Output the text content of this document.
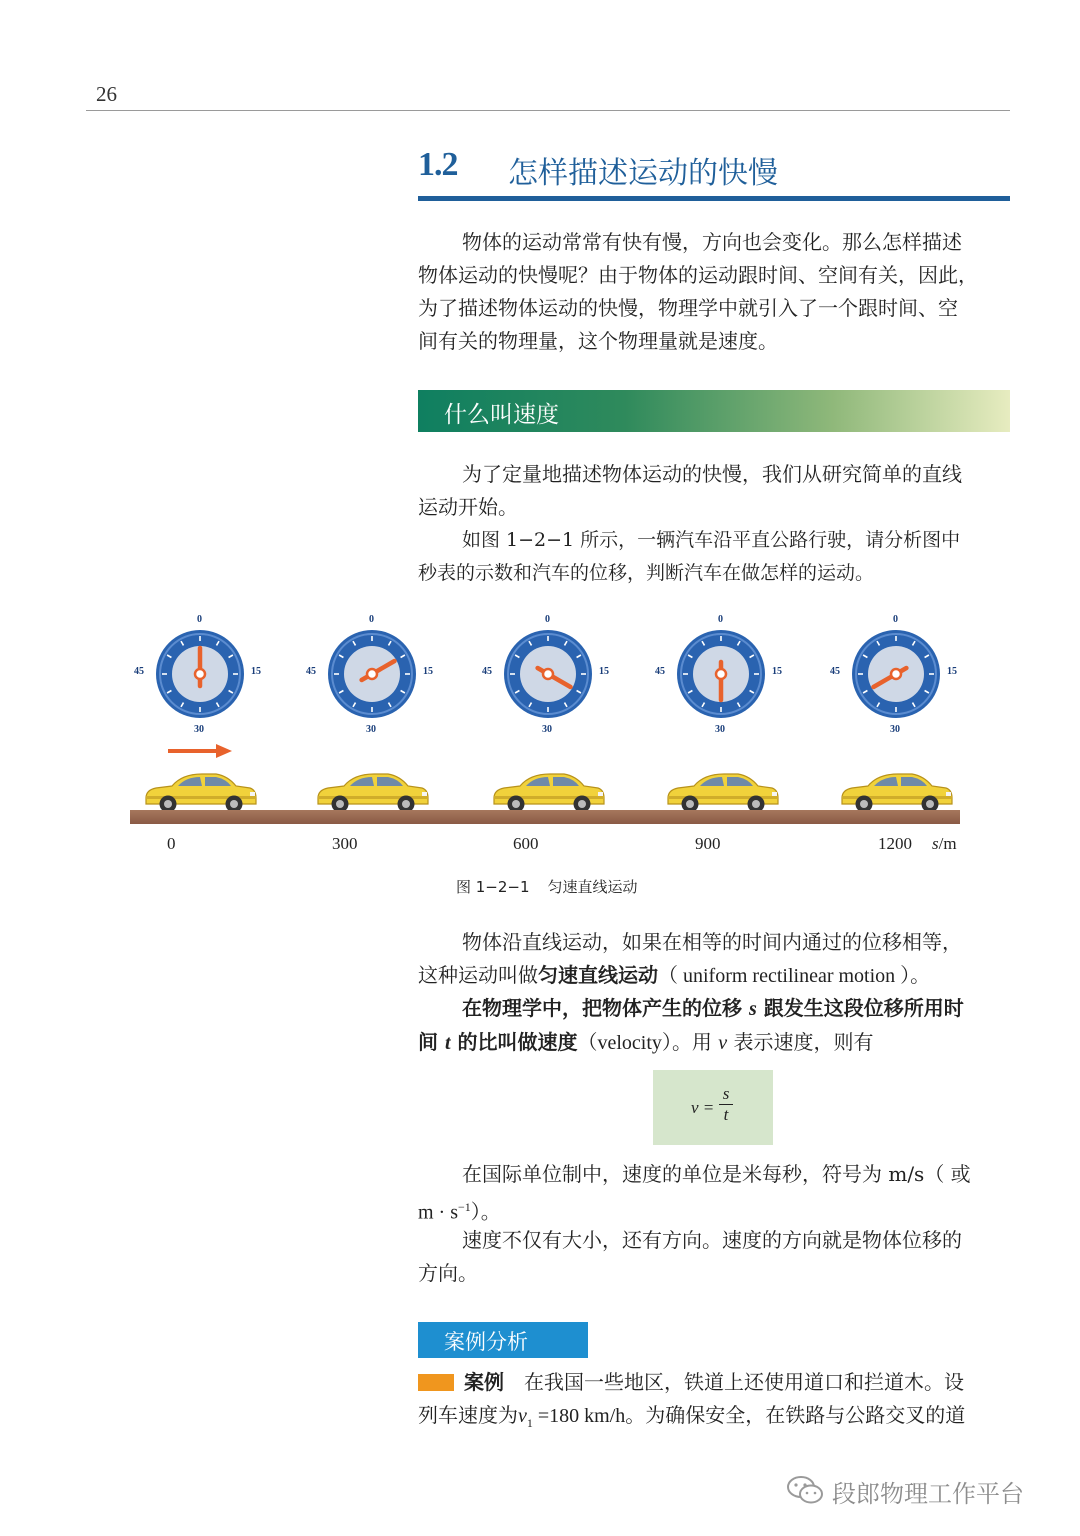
26
1.2 怎样描述运动的快慢
物体的运动常常有快有慢，方向也会变化。那么怎样描述
物体运动的快慢呢？由于物体的运动跟时间、空间有关，因此，
为了描述物体运动的快慢，物理学中就引入了一个跟时间、空
间有关的物理量，这个物理量就是速度。
什么叫速度
为了定量地描述物体运动的快慢，我们从研究简单的直线
运动开始。
如图 1−2−1 所示，一辆汽车沿平直公路行驶，请分析图中
秒表的示数和汽车的位移，判断汽车在做怎样的运动。
0
15
30
45
0
15
30
45
0
15
30
45
0
15
30
45
0
15
30
45
0	300	600	900	1200 s/m
图 1−2−1 匀速直线运动
物体沿直线运动，如果在相等的时间内通过的位移相等，
这种运动叫做匀速直线运动（ uniform rectilinear motion ）。
在物理学中，把物体产生的位移 s 跟发生这段位移所用时
间 t 的比叫做速度（velocity）。用 v 表示速度，则有
v =
s
t
在国际单位制中，速度的单位是米每秒，符号为 m/s（ 或
$m \cdot s^{-1}$）。
速度不仅有大小，还有方向。速度的方向就是物体位移的
方向。
案例分析
案例 在我国一些地区，铁道上还使用道口和拦道木。设
列车速度为$v_1 =180$ km/h。为确保安全，在铁路与公路交叉的道
段郎物理工作平台
